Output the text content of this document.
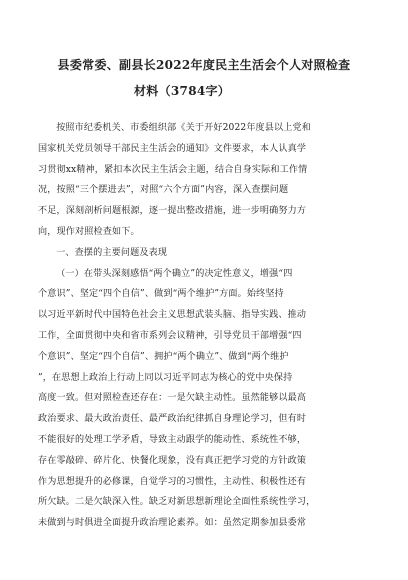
县委常委、副县长2022年度民主生活会个人对照检查
材料（3784字）

按照市纪委机关、市委组织部《关于开好2022年度县以上党和
国家机关党员领导干部民主生活会的通知》文件要求，本人认真学
习贯彻xx精神，紧扣本次民主生活会主题，结合自身实际和工作情
况，按照“三个摆进去”，对照“六个方面”内容，深入查摆问题
不足，深刻剖析问题根源，逐一提出整改措施，进一步明确努力方
向，现作对照检查如下。

一、查摆的主要问题及表现

（一）在带头深刻感悟“两个确立”的决定性意义，增强“四
个意识”、坚定“四个自信”、做到“两个维护”方面。始终坚持
以习近平新时代中国特色社会主义思想武装头脑、指导实践、推动
工作，全面贯彻中央和省市系列会议精神，引导党员干部增强“四
个意识”、坚定“四个自信”、拥护“两个确立”、做到“两个维护
”，在思想上政治上行动上同以习近平同志为核心的党中央保持
高度一致。但对照检查还存在：一是欠缺主动性。虽然能够以最高
政治要求、最大政治责任、最严政治纪律抓自身理论学习，但有时
不能很好的处理工学矛盾，导致主动跟学的能动性、系统性不够，
存在零敲碎、碎片化、快餐化现象，没有真正把学习党的方针政策
作为思想提升的必修课，自觉学习的习惯性，主动性、积极性还有
所欠缺。二是欠缺深入性。缺乏对新思想新理论全面性系统性学习，
未做到与时俱进全面提升政治理论素养。如：虽然定期参加县委常
